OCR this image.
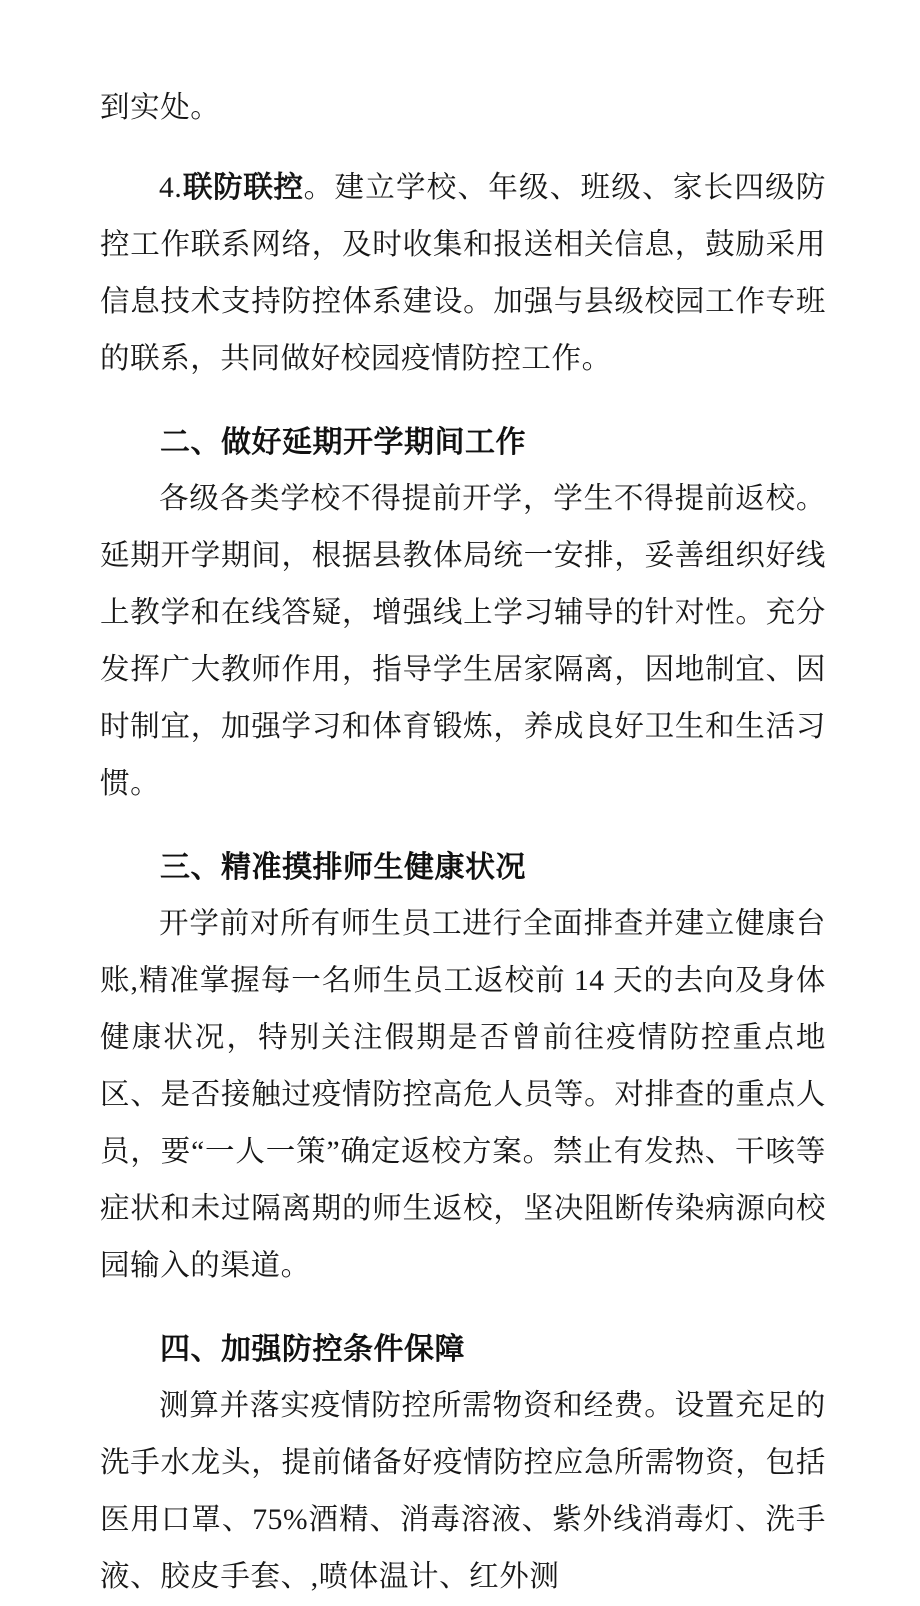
到实处。

4.联防联控。建立学校、年级、班级、家长四级防控工作联系网络，及时收集和报送相关信息，鼓励采用信息技术支持防控体系建设。加强与县级校园工作专班的联系，共同做好校园疫情防控工作。

二、做好延期开学期间工作

各级各类学校不得提前开学，学生不得提前返校。延期开学期间，根据县教体局统一安排，妥善组织好线上教学和在线答疑，增强线上学习辅导的针对性。充分发挥广大教师作用，指导学生居家隔离，因地制宜、因时制宜，加强学习和体育锻炼，养成良好卫生和生活习惯。

三、精准摸排师生健康状况

开学前对所有师生员工进行全面排查并建立健康台账,精准掌握每一名师生员工返校前 14 天的去向及身体健康状况，特别关注假期是否曾前往疫情防控重点地区、是否接触过疫情防控高危人员等。对排查的重点人员，要“一人一策”确定返校方案。禁止有发热、干咳等症状和未过隔离期的师生返校，坚决阻断传染病源向校园输入的渠道。

四、加强防控条件保障

测算并落实疫情防控所需物资和经费。设置充足的洗手水龙头，提前储备好疫情防控应急所需物资，包括医用口罩、75%酒精、消毒溶液、紫外线消毒灯、洗手液、胶皮手套、,喷体温计、红外测
